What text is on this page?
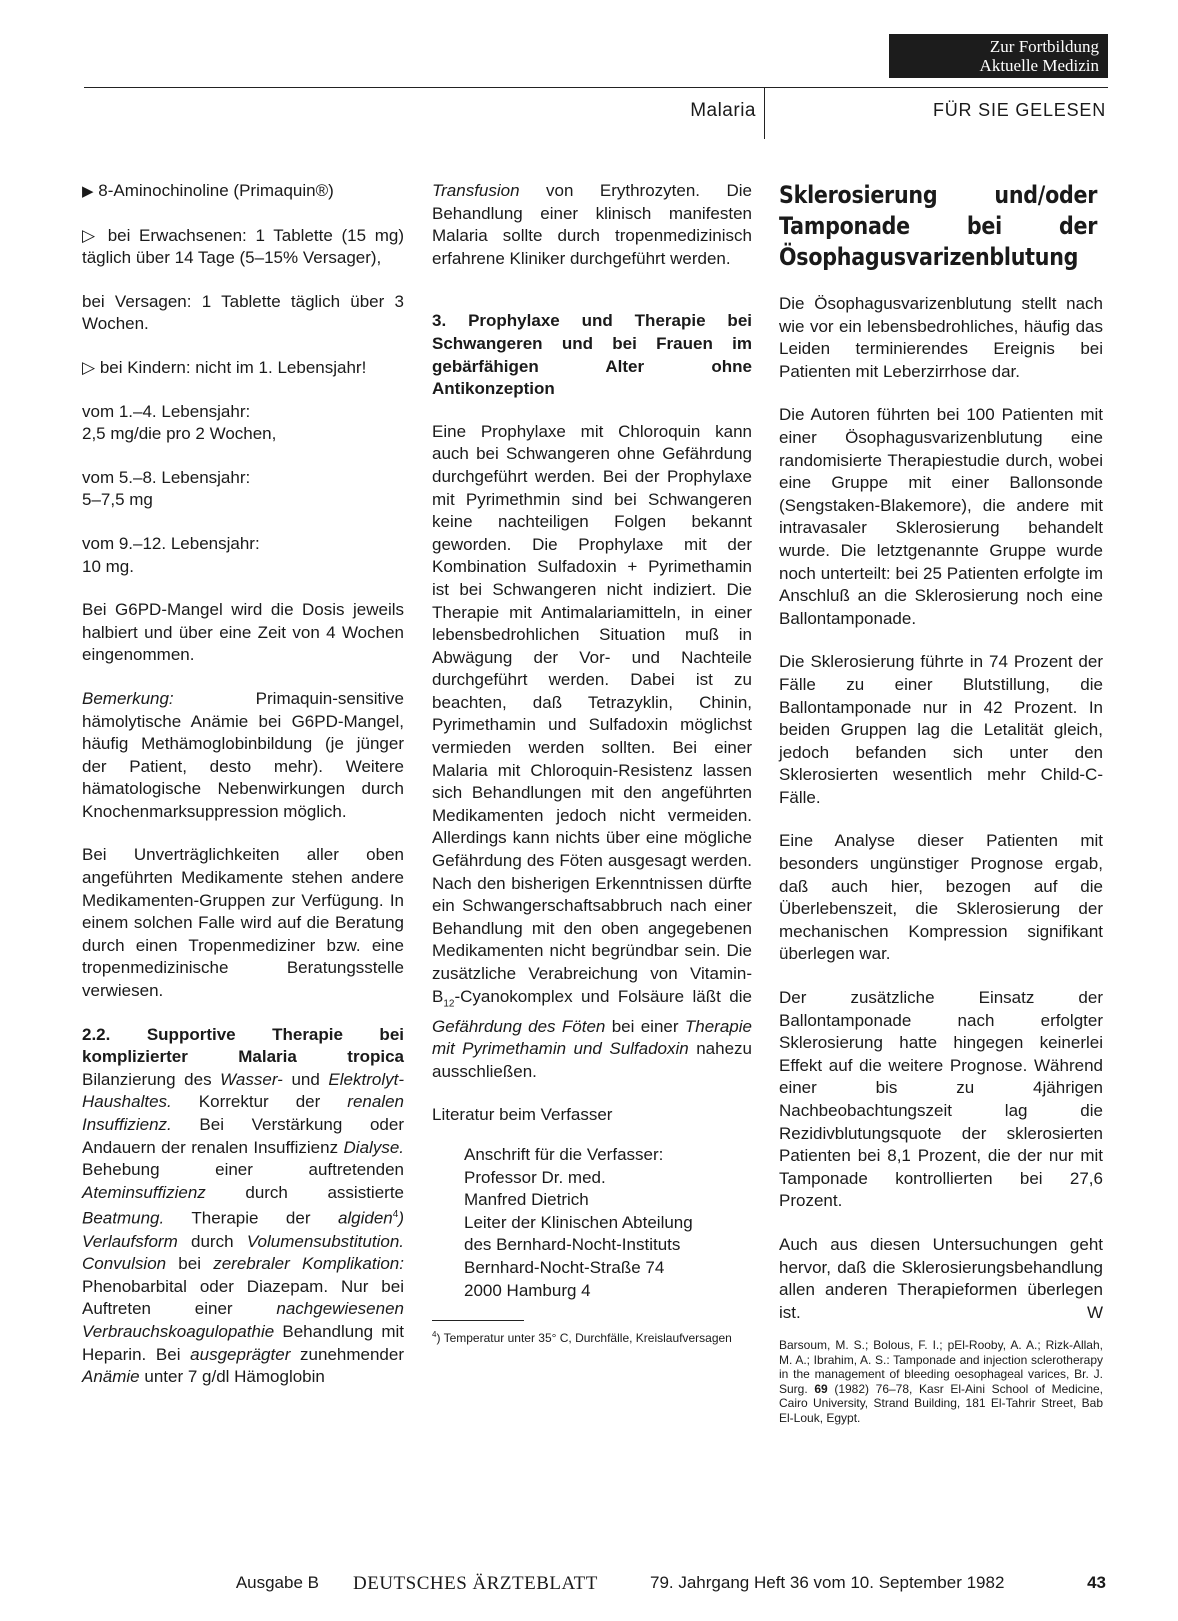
Zur Fortbildung
Aktuelle Medizin
Malaria	FÜR SIE GELESEN

▶ 8-Aminochinoline (Primaquin®)

▷ bei Erwachsenen: 1 Tablette (15 mg) täglich über 14 Tage (5–15% Versager),

bei Versagen: 1 Tablette täglich über 3 Wochen.

▷ bei Kindern: nicht im 1. Lebensjahr!

vom 1.–4. Lebensjahr:
2,5 mg/die pro 2 Wochen,

vom 5.–8. Lebensjahr:
5–7,5 mg

vom 9.–12. Lebensjahr:
10 mg.

Bei G6PD-Mangel wird die Dosis jeweils halbiert und über eine Zeit von 4 Wochen eingenommen.

Bemerkung: Primaquin-sensitive hämolytische Anämie bei G6PD-Mangel, häufig Methämoglobinbildung (je jünger der Patient, desto mehr). Weitere hämatologische Nebenwirkungen durch Knochenmarksuppression möglich.

Bei Unverträglichkeiten aller oben angeführten Medikamente stehen andere Medikamenten-Gruppen zur Verfügung. In einem solchen Falle wird auf die Beratung durch einen Tropenmediziner bzw. eine tropenmedizinische Beratungsstelle verwiesen.

2.2. Supportive Therapie bei komplizierter Malaria tropica Bilanzierung des Wasser- und Elektrolyt-Haushaltes. Korrektur der renalen Insuffizienz. Bei Verstärkung oder Andauern der renalen Insuffizienz Dialyse. Behebung einer auftretenden Ateminsuffizienz durch assistierte Beatmung. Therapie der algiden$^4$) Verlaufsform durch Volumensubstitution. Convulsion bei zerebraler Komplikation: Phenobarbital oder Diazepam. Nur bei Auftreten einer nachgewiesenen Verbrauchskoagulopathie Behandlung mit Heparin. Bei ausgeprägter zunehmender Anämie unter 7 g/dl Hämoglobin

Transfusion von Erythrozyten. Die Behandlung einer klinisch manifesten Malaria sollte durch tropenmedizinisch erfahrene Kliniker durchgeführt werden.

3. Prophylaxe und Therapie bei Schwangeren und bei Frauen im gebärfähigen Alter ohne Antikonzeption

Eine Prophylaxe mit Chloroquin kann auch bei Schwangeren ohne Gefährdung durchgeführt werden. Bei der Prophylaxe mit Pyrimethmin sind bei Schwangeren keine nachteiligen Folgen bekannt geworden. Die Prophylaxe mit der Kombination Sulfadoxin + Pyrimethamin ist bei Schwangeren nicht indiziert. Die Therapie mit Antimalariamitteln, in einer lebensbedrohlichen Situation muß in Abwägung der Vor- und Nachteile durchgeführt werden. Dabei ist zu beachten, daß Tetrazyklin, Chinin, Pyrimethamin und Sulfadoxin möglichst vermieden werden sollten. Bei einer Malaria mit Chloroquin-Resistenz lassen sich Behandlungen mit den angeführten Medikamenten jedoch nicht vermeiden. Allerdings kann nichts über eine mögliche Gefährdung des Föten ausgesagt werden. Nach den bisherigen Erkenntnissen dürfte ein Schwangerschaftsabbruch nach einer Behandlung mit den oben angegebenen Medikamenten nicht begründbar sein. Die zusätzliche Verabreichung von Vitamin-$B_{12}$-Cyanokomplex und Folsäure läßt die Gefährdung des Föten bei einer Therapie mit Pyrimethamin und Sulfadoxin nahezu ausschließen.

Literatur beim Verfasser

Anschrift für die Verfasser:
Professor Dr. med.
Manfred Dietrich
Leiter der Klinischen Abteilung
des Bernhard-Nocht-Instituts
Bernhard-Nocht-Straße 74
2000 Hamburg 4
$^4$) Temperatur unter 35° C, Durchfälle, Kreislaufversagen
Sklerosierung und/oder Tamponade bei der Ösophagusvarizenblutung

Die Ösophagusvarizenblutung stellt nach wie vor ein lebensbedrohliches, häufig das Leiden terminierendes Ereignis bei Patienten mit Leberzirrhose dar.

Die Autoren führten bei 100 Patienten mit einer Ösophagusvarizenblutung eine randomisierte Therapiestudie durch, wobei eine Gruppe mit einer Ballonsonde (Sengstaken-Blakemore), die andere mit intravasaler Sklerosierung behandelt wurde. Die letztgenannte Gruppe wurde noch unterteilt: bei 25 Patienten erfolgte im Anschluß an die Sklerosierung noch eine Ballontamponade.

Die Sklerosierung führte in 74 Prozent der Fälle zu einer Blutstillung, die Ballontamponade nur in 42 Prozent. In beiden Gruppen lag die Letalität gleich, jedoch befanden sich unter den Sklerosierten wesentlich mehr Child-C-Fälle.

Eine Analyse dieser Patienten mit besonders ungünstiger Prognose ergab, daß auch hier, bezogen auf die Überlebenszeit, die Sklerosierung der mechanischen Kompression signifikant überlegen war.

Der zusätzliche Einsatz der Ballontamponade nach erfolgter Sklerosierung hatte hingegen keinerlei Effekt auf die weitere Prognose. Während einer bis zu 4jährigen Nachbeobachtungszeit lag die Rezidivblutungsquote der sklerosierten Patienten bei 8,1 Prozent, die der nur mit Tamponade kontrollierten bei 27,6 Prozent.

Auch aus diesen Untersuchungen geht hervor, daß die Sklerosierungsbehandlung allen anderen Therapieformen überlegen ist.	W

Barsoum, M. S.; Bolous, F. I.; pEl-Rooby, A. A.; Rizk-Allah, M. A.; Ibrahim, A. S.: Tamponade and injection sclerotherapy in the management of bleeding oesophageal varices, Br. J. Surg. 69 (1982) 76–78, Kasr El-Aini School of Medicine, Cairo University, Strand Building, 181 El-Tahrir Street, Bab El-Louk, Egypt.
Ausgabe B DEUTSCHES ÄRZTEBLATT	79. Jahrgang Heft 36 vom 10. September 1982	43
